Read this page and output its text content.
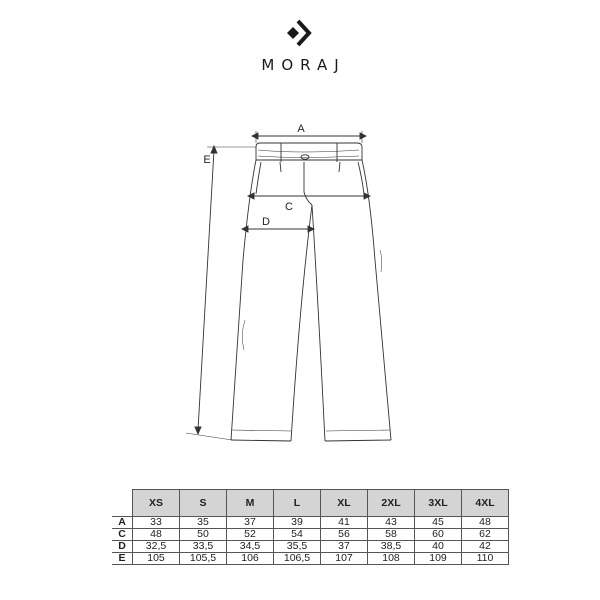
MORAJ
A
C
D
E
	XS	S	M	L	XL	2XL	3XL	4XL
A	33	35	37	39	41	43	45	48
C	48	50	52	54	56	58	60	62
D	32,5	33,5	34,5	35,5	37	38,5	40	42
E	105	105,5	106	106,5	107	108	109	110
